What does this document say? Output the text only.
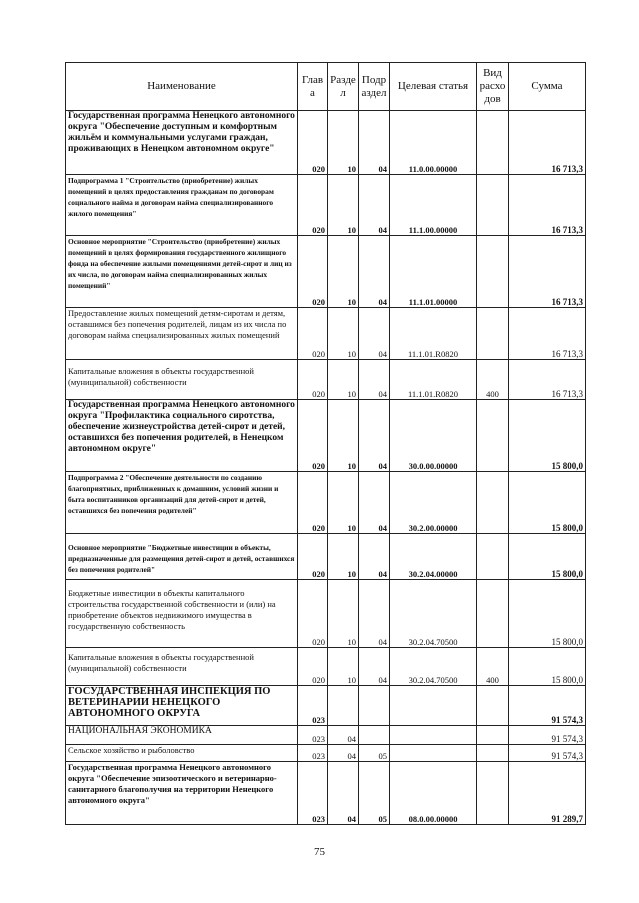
Наименование	Глав а	Разде л	Подр аздел	Целевая статья	Вид расхо дов	Сумма
Государственная программа Ненецкого автономного округа "Обеспечение доступным и комфортным жильём и коммунальными услугами граждан, проживающих в Ненецком автономном округе"	020	10	04	11.0.00.00000		16 713,3
Подпрограмма 1 "Строительство (приобретение) жилых помещений в целях предоставления гражданам по договорам социального найма и договорам найма специализированного жилого помещения"	020	10	04	11.1.00.00000		16 713,3
Основное мероприятие "Строительство (приобретение) жилых помещений в целях формирования государственного жилищного фонда на обеспечение жилыми помещениями детей-сирот и лиц из их числа, по договорам найма специализированных жилых помещений"	020	10	04	11.1.01.00000		16 713,3
Предоставление жилых помещений детям-сиротам и детям, оставшимся без попечения родителей, лицам из их числа по договорам найма специализированных жилых помещений	020	10	04	11.1.01.R0820		16 713,3
Капитальные вложения в объекты государственной (муниципальной) собственности	020	10	04	11.1.01.R0820	400	16 713,3
Государственная программа Ненецкого автономного округа "Профилактика социального сиротства, обеспечение жизнеустройства детей-сирот и детей, оставшихся без попечения родителей, в Ненецком автономном округе"	020	10	04	30.0.00.00000		15 800,0
Подпрограмма 2 "Обеспечение деятельности по созданию благоприятных, приближенных к домашним, условий жизни и быта воспитанников организаций для детей-сирот и детей, оставшихся без попечения родителей"	020	10	04	30.2.00.00000		15 800,0
Основное мероприятие "Бюджетные инвестиции в объекты, предназначенные для размещения детей-сирот и детей, оставшихся без попечения родителей"	020	10	04	30.2.04.00000		15 800,0
Бюджетные инвестиции в объекты капитального строительства государственной собственности и (или) на приобретение объектов недвижимого имущества в государственную собственность	020	10	04	30.2.04.70500		15 800,0
Капитальные вложения в объекты государственной (муниципальной) собственности	020	10	04	30.2.04.70500	400	15 800,0
ГОСУДАРСТВЕННАЯ ИНСПЕКЦИЯ ПО ВЕТЕРИНАРИИ НЕНЕЦКОГО АВТОНОМНОГО ОКРУГА	023					91 574,3
НАЦИОНАЛЬНАЯ ЭКОНОМИКА	023	04				91 574,3
Сельское хозяйство и рыболовство	023	04	05			91 574,3
Государственная программа Ненецкого автономного округа "Обеспечение эпизоотического и ветеринарно-санитарного благополучия на территории Ненецкого автономного округа"	023	04	05	08.0.00.00000		91 289,7
75
